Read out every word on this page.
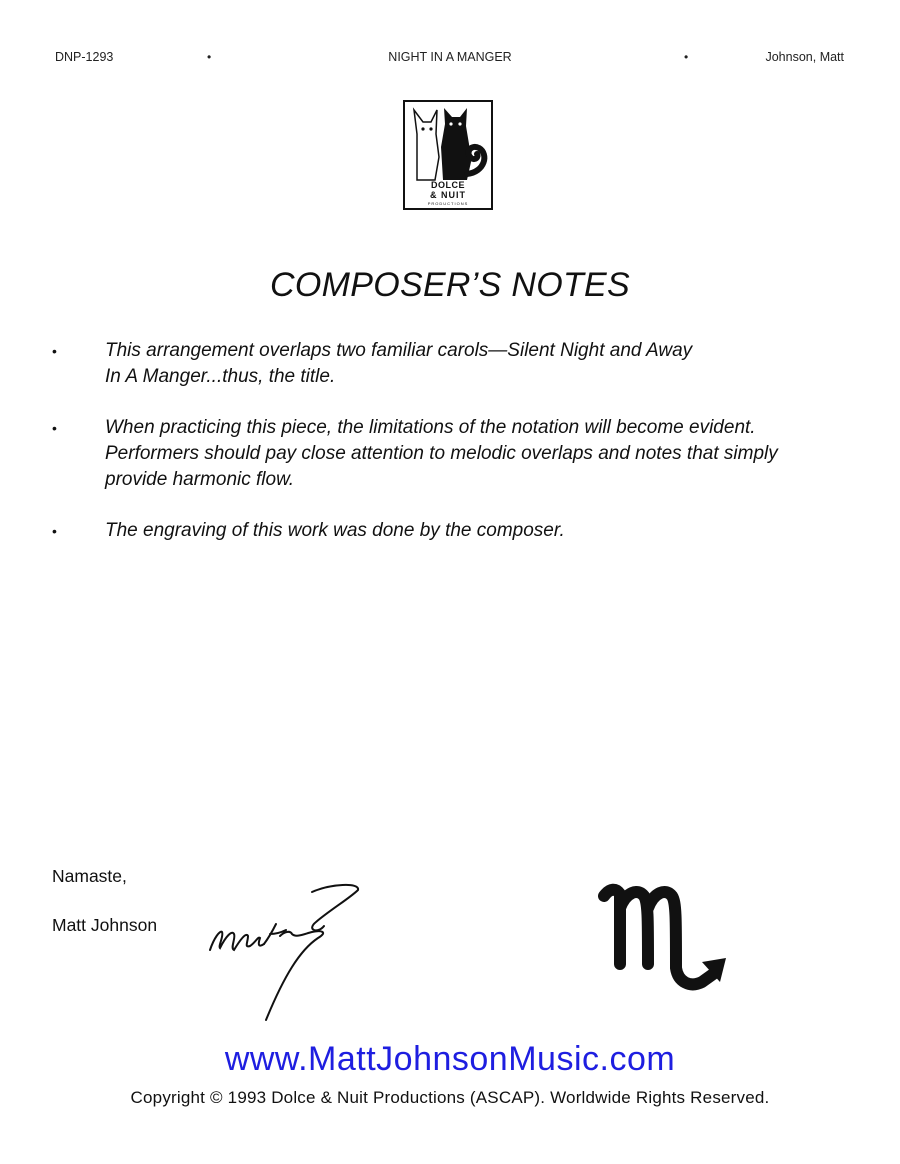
DNP-1293	•	NIGHT IN A MANGER	•	Johnson, Matt
DOLCE
& NUIT
PRODUCTIONS
COMPOSER’S NOTES
•	This arrangement overlaps two familiar carols—Silent Night and Away In A Manger...thus, the title.
•	When practicing this piece, the limitations of the notation will become evident. Performers should pay close attention to melodic overlaps and notes that simply provide harmonic flow.
•	The engraving of this work was done by the composer.
Namaste,
Matt Johnson
www.MattJohnsonMusic.com
Copyright © 1993 Dolce & Nuit Productions (ASCAP). Worldwide Rights Reserved.
